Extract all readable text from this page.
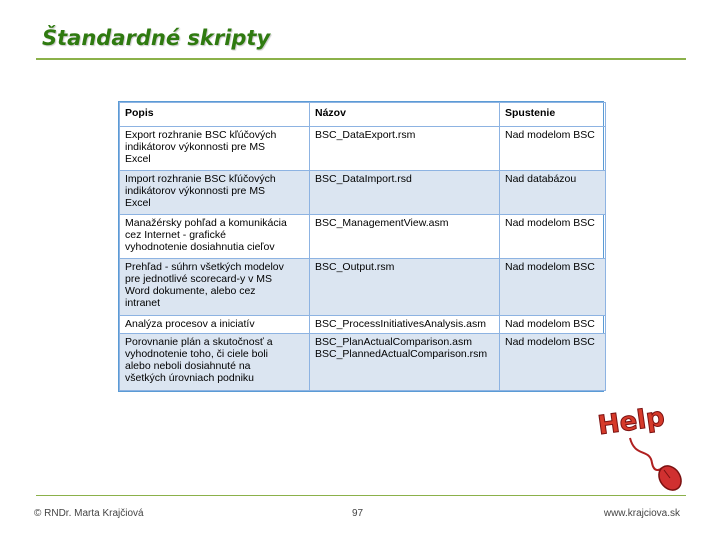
Štandardné skripty
Popis	Názov	Spustenie

Export rozhranie BSC kľúčových
indikátorov výkonnosti pre MS
Excel	BSC_DataExport.rsm	Nad modelom BSC

Import rozhranie BSC kľúčových
indikátorov výkonnosti pre MS
Excel	BSC_DataImport.rsd	Nad databázou

Manažérsky pohľad a komunikácia
cez Internet - grafické
vyhodnotenie dosiahnutia cieľov	BSC_ManagementView.asm	Nad modelom BSC

Prehľad - súhrn všetkých modelov
pre jednotlivé scorecard-y v MS
Word dokumente, alebo cez
intranet	BSC_Output.rsm	Nad modelom BSC

Analýza procesov a iniciatív	BSC_ProcessInitiativesAnalysis.asm	Nad modelom BSC

Porovnanie plán a skutočnosť a
vyhodnotenie toho, či ciele boli
alebo neboli dosiahnuté na
všetkých úrovniach podniku	BSC_PlanActualComparison.asm
BSC_PlannedActualComparison.rsm	Nad modelom BSC
Help
© RNDr. Marta Krajčiová	97	www.krajciova.sk
